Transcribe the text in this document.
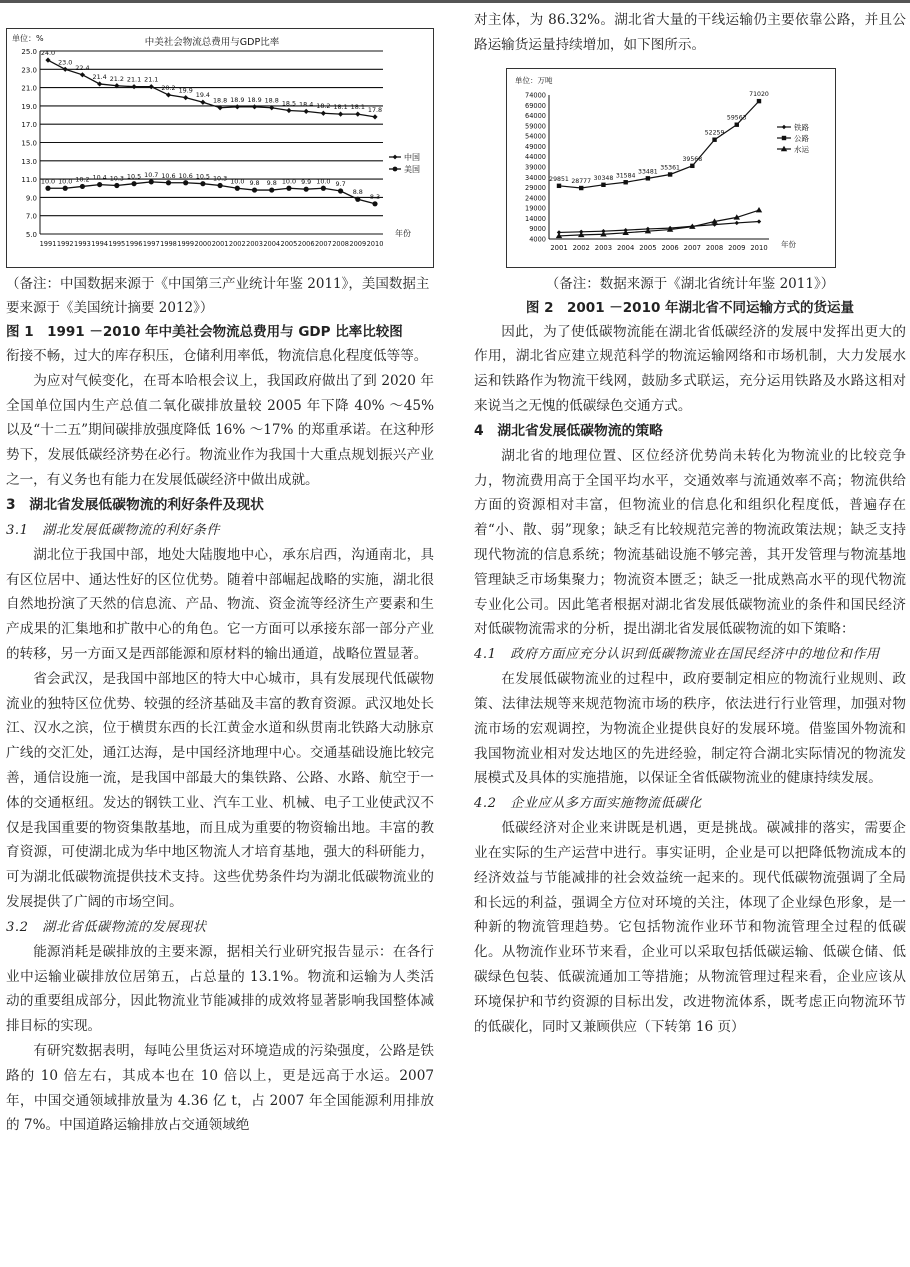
单位：%	中美社会物流总费用与GDP比率
5.0
7.0
9.0
11.0
13.0
15.0
17.0
19.0
21.0
23.0
25.0
1991 1992 1993 1994 1995 1996 1997 1998 1999 2000 2001 2002 2003 2004 2005 2006 2007 2008 2009 2010
年份
24.0
23.0
22.4
21.4 21.2 21.1 21.1
20.2 19.9
19.4
18.8 18.9 18.9 18.8 18.5 18.4 18.2 18.1 18.1 17.8
中国
10.0 10.0 10.2 10.4 10.3 10.5 10.7 10.6 10.6 10.5 10.3 10.0 9.8 9.8 10.0 9.9 10.0 9.7
8.8
8.3
美国
（备注：中国数据来源于《中国第三产业统计年鉴 2011》，美国数据主要来源于《美国统计摘要 2012》）
图 1　1991 －2010 年中美社会物流总费用与 GDP 比率比较图

衔接不畅，过大的库存积压，仓储利用率低，物流信息化程度低等等。

为应对气候变化，在哥本哈根会议上，我国政府做出了到 2020 年全国单位国内生产总值二氧化碳排放量较 2005 年下降 40% ～45% 以及“十二五”期间碳排放强度降低 16% ～17% 的郑重承诺。在这种形势下，发展低碳经济势在必行。物流业作为我国十大重点规划振兴产业之一，有义务也有能力在发展低碳经济中做出成就。

3　湖北省发展低碳物流的利好条件及现状
3.1　湖北发展低碳物流的利好条件

湖北位于我国中部，地处大陆腹地中心，承东启西，沟通南北，具有区位居中、通达性好的区位优势。随着中部崛起战略的实施，湖北很自然地扮演了天然的信息流、产品、物流、资金流等经济生产要素和生产成果的汇集地和扩散中心的角色。它一方面可以承接东部一部分产业的转移，另一方面又是西部能源和原材料的输出通道，战略位置显著。

省会武汉，是我国中部地区的特大中心城市，具有发展现代低碳物流业的独特区位优势、较强的经济基础及丰富的教育资源。武汉地处长江、汉水之滨，位于横贯东西的长江黄金水道和纵贯南北铁路大动脉京广线的交汇处，通江达海，是中国经济地理中心。交通基础设施比较完善，通信设施一流，是我国中部最大的集铁路、公路、水路、航空于一体的交通枢纽。发达的钢铁工业、汽车工业、机械、电子工业使武汉不仅是我国重要的物资集散基地，而且成为重要的物资输出地。丰富的教育资源，可使湖北成为华中地区物流人才培育基地，强大的科研能力，可为湖北低碳物流提供技术支持。这些优势条件均为湖北低碳物流业的发展提供了广阔的市场空间。

3.2　湖北省低碳物流的发展现状

能源消耗是碳排放的主要来源，据相关行业研究报告显示：在各行业中运输业碳排放位居第五，占总量的 13.1%。物流和运输为人类活动的重要组成部分，因此物流业节能减排的成效将显著影响我国整体减排目标的实现。

有研究数据表明，每吨公里货运对环境造成的污染强度，公路是铁路的 10 倍左右，其成本也在 10 倍以上，更是远高于水运。2007 年，中国交通领域排放量为 4.36 亿 t，占 2007 年全国能源利用排放的 7%。中国道路运输排放占交通领域绝

对主体，为 86.32%。湖北省大量的干线运输仍主要依靠公路，并且公路运输货运量持续增加，如下图所示。

单位：万吨
4000
9000
14000
19000
24000
29000
34000
39000
44000
49000
54000
59000
64000
69000
74000
2001 2002 2003 2004 2005 2006 2007 2008 2009 2010 年份
铁路
29851 28777 30348 31584
33481
35361
39568
52259
59563
71020
公路
水运
（备注：数据来源于《湖北省统计年鉴 2011》）
图 2　2001 －2010 年湖北省不同运输方式的货运量

因此，为了使低碳物流能在湖北省低碳经济的发展中发挥出更大的作用，湖北省应建立规范科学的物流运输网络和市场机制，大力发展水运和铁路作为物流干线网，鼓励多式联运，充分运用铁路及水路这相对来说当之无愧的低碳绿色交通方式。

4　湖北省发展低碳物流的策略

湖北省的地理位置、区位经济优势尚未转化为物流业的比较竞争力，物流费用高于全国平均水平，交通效率与流通效率不高；物流供给方面的资源相对丰富，但物流业的信息化和组织化程度低，普遍存在着“小、散、弱”现象；缺乏有比较规范完善的物流政策法规；缺乏支持现代物流的信息系统；物流基础设施不够完善，其开发管理与物流基地管理缺乏市场集聚力；物流资本匮乏；缺乏一批成熟高水平的现代物流专业化公司。因此笔者根据对湖北省发展低碳物流业的条件和国民经济对低碳物流需求的分析，提出湖北省发展低碳物流的如下策略：

4.1　政府方面应充分认识到低碳物流业在国民经济中的地位和作用

在发展低碳物流业的过程中，政府要制定相应的物流行业规则、政策、法律法规等来规范物流市场的秩序，依法进行行业管理，加强对物流市场的宏观调控，为物流企业提供良好的发展环境。借鉴国外物流和我国物流业相对发达地区的先进经验，制定符合湖北实际情况的物流发展模式及具体的实施措施，以保证全省低碳物流业的健康持续发展。

4.2　企业应从多方面实施物流低碳化

低碳经济对企业来讲既是机遇，更是挑战。碳减排的落实，需要企业在实际的生产运营中进行。事实证明，企业是可以把降低物流成本的经济效益与节能减排的社会效益统一起来的。现代低碳物流强调了全局和长远的利益，强调全方位对环境的关注，体现了企业绿色形象，是一种新的物流管理趋势。它包括物流作业环节和物流管理全过程的低碳化。从物流作业环节来看，企业可以采取包括低碳运输、低碳仓储、低碳绿色包装、低碳流通加工等措施；从物流管理过程来看，企业应该从环境保护和节约资源的目标出发，改进物流体系，既考虑正向物流环节的低碳化，同时又兼顾供应（下转第 16 页）
